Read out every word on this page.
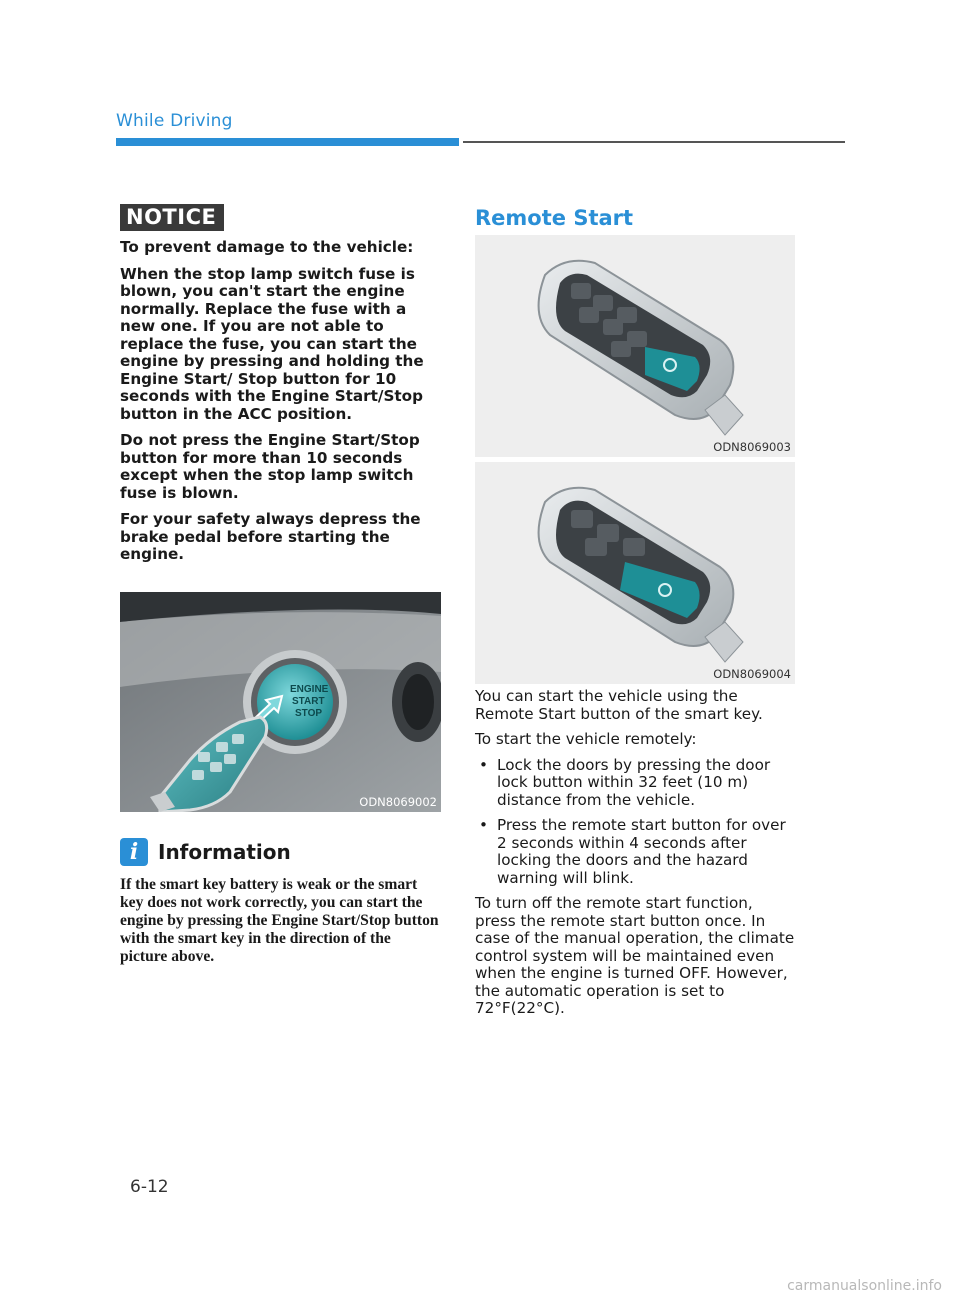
While Driving
NOTICE

To prevent damage to the vehicle:

When the stop lamp switch fuse is blown, you can't start the engine normally. Replace the fuse with a new one. If you are not able to replace the fuse, you can start the engine by pressing and holding the Engine Start/ Stop button for 10 seconds with the Engine Start/Stop button in the ACC position.

Do not press the Engine Start/Stop button for more than 10 seconds except when the stop lamp switch fuse is blown.

For your safety always depress the brake pedal before starting the engine.

ENGINE
START
STOP
ODN8069002
i Information
If the smart key battery is weak or the smart key does not work correctly, you can start the engine by pressing the Engine Start/Stop button with the smart key in the direction of the picture above.
Remote Start
ODN8069003
ODN8069004

You can start the vehicle using the Remote Start button of the smart key.

To start the vehicle remotely:

• Lock the doors by pressing the door lock button within 32 feet (10 m) distance from the vehicle.
• Press the remote start button for over 2 seconds within 4 seconds after locking the doors and the hazard warning will blink.

To turn off the remote start function, press the remote start button once. In case of the manual operation, the climate control system will be maintained even when the engine is turned OFF. However, the automatic operation is set to 72°F(22°C).

6-12
carmanualsonline.info
